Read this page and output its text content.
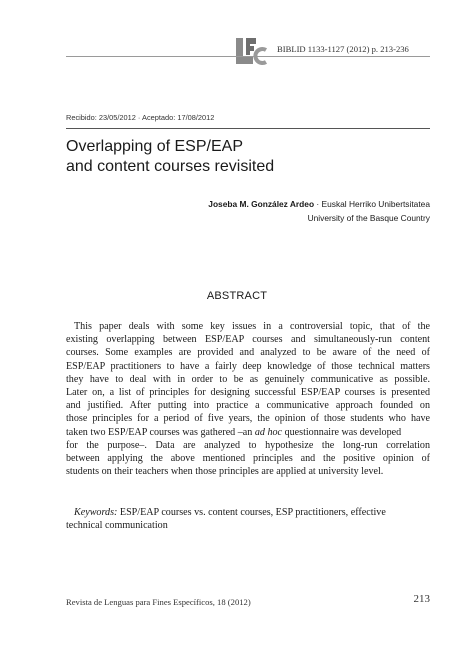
BIBLID 1133-1127 (2012) p. 213-236
Recibido: 23/05/2012 · Aceptado: 17/08/2012
Overlapping of ESP/EAP
and content courses revisited
Joseba M. González Ardeo · Euskal Herriko Unibertsitatea
University of the Basque Country
ABSTRACT
This paper deals with some key issues in a controversial topic, that of the
existing overlapping between ESP/EAP courses and simultaneously-run content
courses. Some examples are provided and analyzed to be aware of the need of
ESP/EAP practitioners to have a fairly deep knowledge of those technical matters
they have to deal with in order to be as genuinely communicative as possible.
Later on, a list of principles for designing successful ESP/EAP courses is presented
and justified. After putting into practice a communicative approach founded on
those principles for a period of five years, the opinion of those students who have
taken two ESP/EAP courses was gathered –an ad hoc questionnaire was developed
for the purpose–. Data are analyzed to hypothesize the long-run correlation
between applying the above mentioned principles and the positive opinion of
students on their teachers when those principles are applied at university level.
Keywords: ESP/EAP courses vs. content courses, ESP practitioners, effective
technical communication
Revista de Lenguas para Fines Específicos, 18 (2012)	213
